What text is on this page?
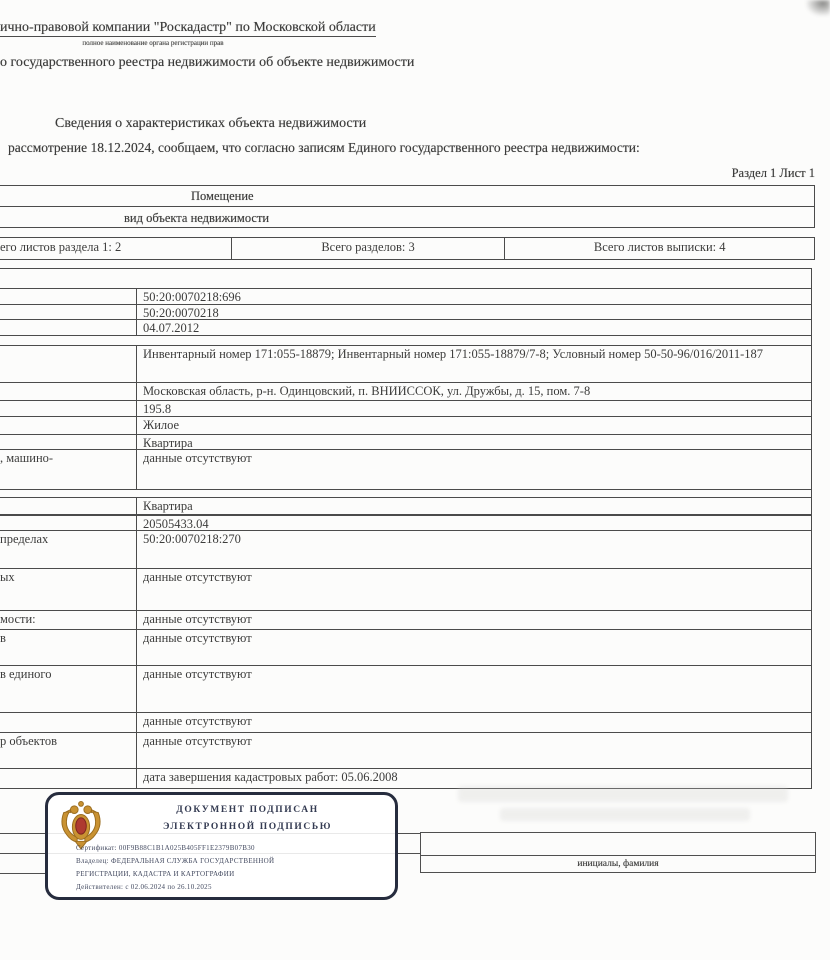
ично-правовой компании "Роскадастр" по Московской области
полное наименование органа регистрации прав
о государственного реестра недвижимости об объекте недвижимости
Сведения о характеристиках объекта недвижимости
рассмотрение 18.12.2024, сообщаем, что согласно записям Единого государственного реестра недвижимости:
Раздел 1 Лист 1
Помещение
вид объекта недвижимости
его листов раздела 1: 2	Всего разделов: 3	Всего листов выписки: 4
50:20:0070218:696
50:20:0070218
04.07.2012
Инвентарный номер 171:055-18879; Инвентарный номер 171:055-18879/7-8; Условный номер 50-50-96/016/2011-187
Московская область, р-н. Одинцовский, п. ВНИИССОК, ул. Дружбы, д. 15, пом. 7-8
195.8
Жилое
Квартира
, машино-	данные отсутствуют
Квартира
20505433.04
пределах	50:20:0070218:270
ых	данные отсутствуют
мости:	данные отсутствуют
в	данные отсутствуют
в единого	данные отсутствуют
данные отсутствуют
р объектов	данные отсутствуют
дата завершения кадастровых работ: 05.06.2008
инициалы, фамилия
ДОКУМЕНТ ПОДПИСАН
ЭЛЕКТРОННОЙ ПОДПИСЬЮ
Сертификат: 00F9B88C1B1A025B405FF1E2379B07B30
Владелец: ФЕДЕРАЛЬНАЯ СЛУЖБА ГОСУДАРСТВЕННОЙ
РЕГИСТРАЦИИ, КАДАСТРА И КАРТОГРАФИИ
Действителен: с 02.06.2024 по 26.10.2025
